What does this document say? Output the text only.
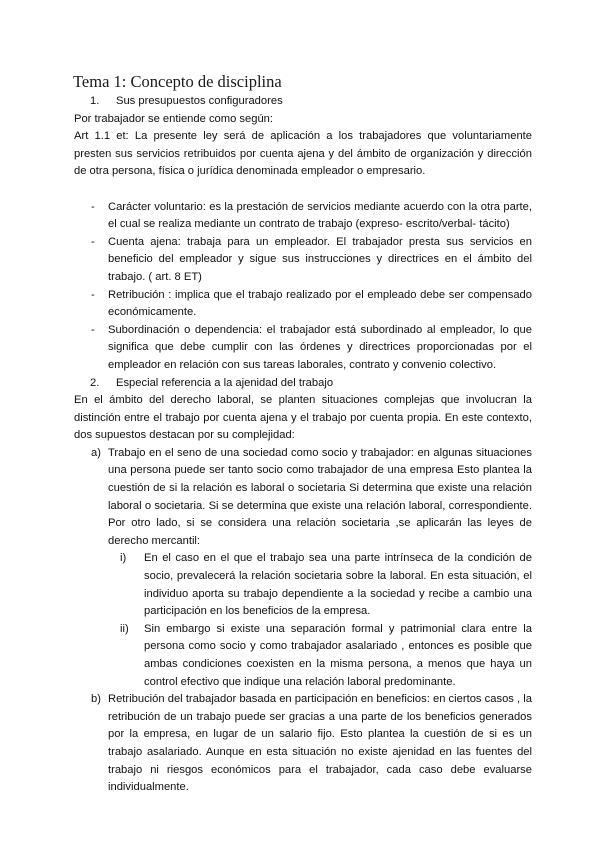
Tema 1: Concepto de disciplina
1.	Sus presupuestos configuradores

Por trabajador se entiende como según:

Art 1.1 et: La presente ley será de aplicación a los trabajadores que voluntariamente presten sus servicios retribuidos por cuenta ajena y del ámbito de organización y dirección de otra persona, física o jurídica denominada empleador o empresario.

-	Carácter voluntario: es la prestación de servicios mediante acuerdo con la otra parte, el cual se realiza mediante un contrato de trabajo (expreso- escrito/verbal- tácito)
-	Cuenta ajena: trabaja para un empleador. El trabajador presta sus servicios en beneficio del empleador y sigue sus instrucciones y directrices en el ámbito del trabajo. ( art. 8 ET)
-	Retribución : implica que el trabajo realizado por el empleado debe ser compensado económicamente.
-	Subordinación o dependencia: el trabajador está subordinado al empleador, lo que significa que debe cumplir con las órdenes y directrices proporcionadas por el empleador en relación con sus tareas laborales, contrato y convenio colectivo.
2.	Especial referencia a la ajenidad del trabajo

En el ámbito del derecho laboral, se planten situaciones complejas que involucran la distinción entre el trabajo por cuenta ajena y el trabajo por cuenta propia. En este contexto, dos supuestos destacan por su complejidad:

a) Trabajo en el seno de una sociedad como socio y trabajador: en algunas situaciones una persona puede ser tanto socio como trabajador de una empresa Esto plantea la cuestión de si la relación es laboral o societaria Si determina que existe una relación laboral o societaria. Si se determina que existe una relación laboral, correspondiente. Por otro lado, si se considera una relación societaria ,se aplicarán las leyes de derecho mercantil:
i)	En el caso en el que el trabajo sea una parte intrínseca de la condición de socio, prevalecerá la relación societaria sobre la laboral. En esta situación, el individuo aporta su trabajo dependiente a la sociedad y recibe a cambio una participación en los beneficios de la empresa.
ii)	Sin embargo si existe una separación formal y patrimonial clara entre la persona como socio y como trabajador asalariado , entonces es posible que ambas condiciones coexisten en la misma persona, a menos que haya un control efectivo que indique una relación laboral predominante.
b) Retribución del trabajador basada en participación en beneficios: en ciertos casos , la retribución de un trabajo puede ser gracias a una parte de los beneficios generados por la empresa, en lugar de un salario fijo. Esto plantea la cuestión de si es un trabajo asalariado. Aunque en esta situación no existe ajenidad en las fuentes del trabajo ni riesgos económicos para el trabajador, cada caso debe evaluarse individualmente.
